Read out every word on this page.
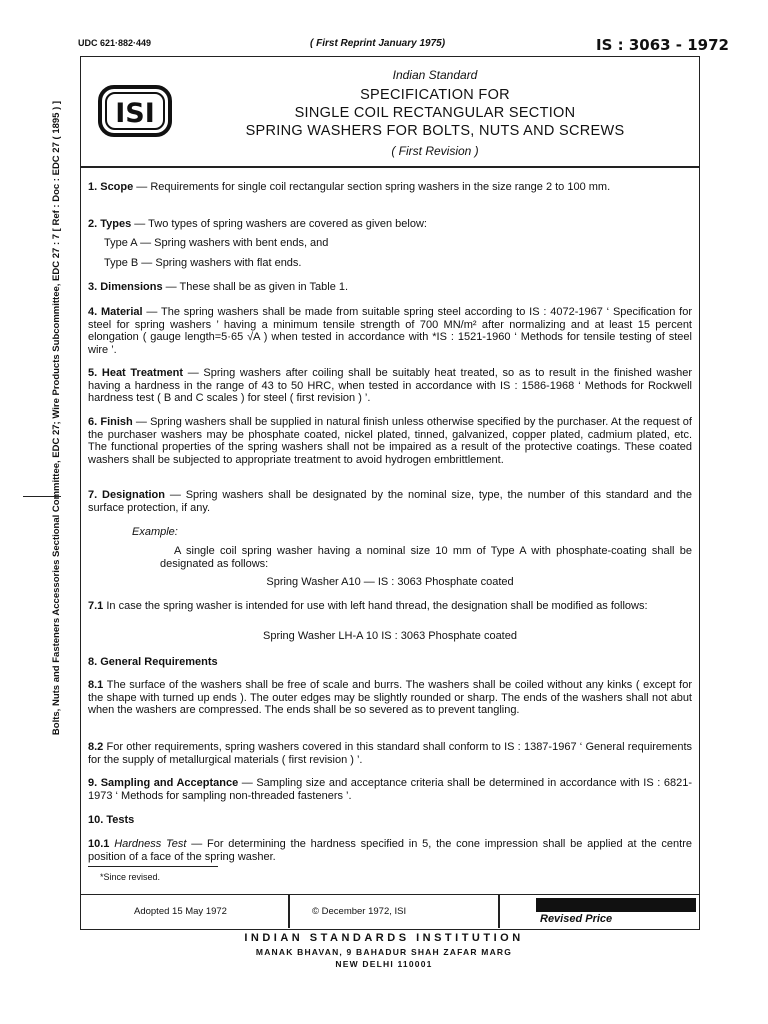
UDC 621·882·449	( First Reprint January 1975)	IS : 3063 - 1972
Bolts, Nuts and Fasteners Accessories Sectional Committee, EDC 27; Wire Products Subcommittee, EDC 27 : 7 [ Ref : Doc : EDC 27 ( 1895 ) ] ISI
Indian Standard
SPECIFICATION FOR
SINGLE COIL RECTANGULAR SECTION
SPRING WASHERS FOR BOLTS, NUTS AND SCREWS
( First Revision )
1. Scope — Requirements for single coil rectangular section spring washers in the size range 2 to 100 mm.
2. Types — Two types of spring washers are covered as given below:
Type A — Spring washers with bent ends, and
Type B — Spring washers with flat ends.
3. Dimensions — These shall be as given in Table 1.
4. Material — The spring washers shall be made from suitable spring steel according to IS : 4072-1967 ‘ Specification for steel for spring washers ’ having a minimum tensile strength of 700 MN/m² after normalizing and at least 15 percent elongation ( gauge length=5·65 √A ) when tested in accordance with *IS : 1521-1960 ‘ Methods for tensile testing of steel wire ’.
5. Heat Treatment — Spring washers after coiling shall be suitably heat treated, so as to result in the finished washer having a hardness in the range of 43 to 50 HRC, when tested in accordance with IS : 1586-1968 ‘ Methods for Rockwell hardness test ( B and C scales ) for steel ( first revision ) ’.
6. Finish — Spring washers shall be supplied in natural finish unless otherwise specified by the purchaser. At the request of the purchaser washers may be phosphate coated, nickel plated, tinned, galvanized, copper plated, cadmium plated, etc. The functional properties of the spring washers shall not be impaired as a result of the protective coatings. These coated washers shall be subjected to appropriate treatment to avoid hydrogen embrittlement.
7. Designation — Spring washers shall be designated by the nominal size, type, the number of this standard and the surface protection, if any.
Example:
A single coil spring washer having a nominal size 10 mm of Type A with phosphate-coating shall be designated as follows:
Spring Washer A10 — IS : 3063 Phosphate coated
7.1 In case the spring washer is intended for use with left hand thread, the designation shall be modified as follows:
Spring Washer LH-A 10 IS : 3063 Phosphate coated
8. General Requirements
8.1 The surface of the washers shall be free of scale and burrs. The washers shall be coiled without any kinks ( except for the shape with turned up ends ). The outer edges may be slightly rounded or sharp. The ends of the washers shall not abut when the washers are compressed. The ends shall be so severed as to prevent tangling.
8.2 For other requirements, spring washers covered in this standard shall conform to IS : 1387-1967 ‘ General requirements for the supply of metallurgical materials ( first revision ) ’.
9. Sampling and Acceptance — Sampling size and acceptance criteria shall be determined in accordance with IS : 6821-1973 ‘ Methods for sampling non-threaded fasteners ’.
10. Tests
10.1 Hardness Test — For determining the hardness specified in 5, the cone impression shall be applied at the centre position of a face of the spring washer.
*Since revised.
Adopted 15 May 1972	© December 1972, ISI
Revised Price
INDIAN STANDARDS INSTITUTION
MANAK BHAVAN, 9 BAHADUR SHAH ZAFAR MARG
NEW DELHI 110001
